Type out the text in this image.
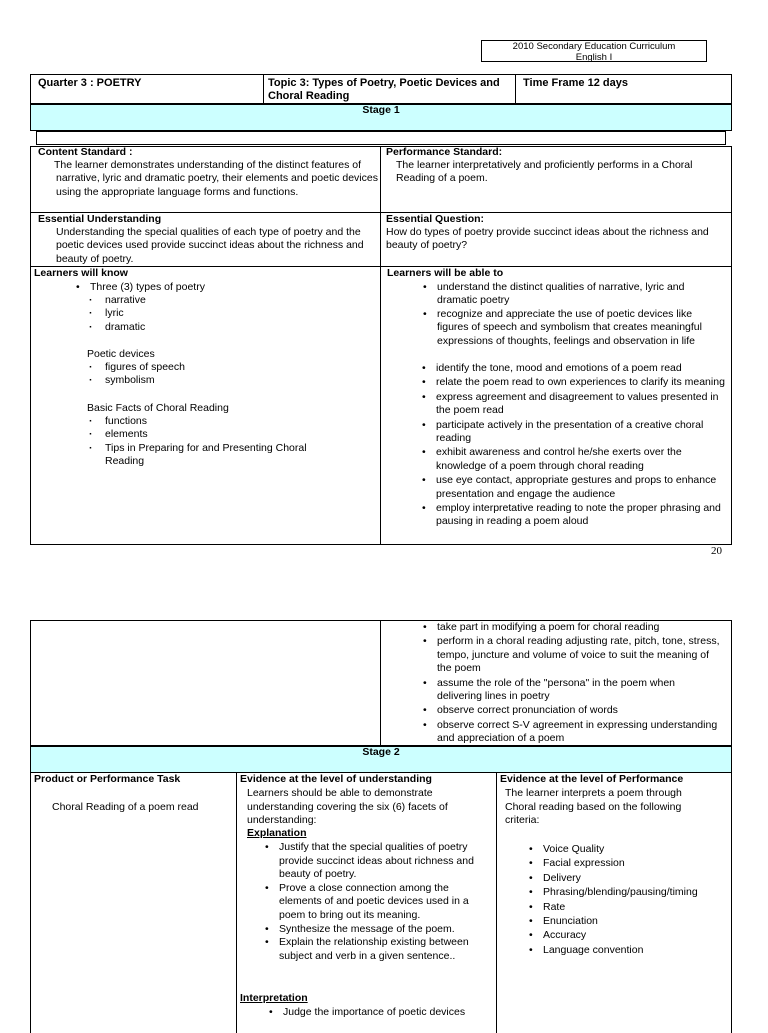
2010 Secondary Education Curriculum
English I
Quarter 3 : POETRY	Topic 3: Types of Poetry, Poetic Devices and Choral Reading
Time Frame 12 days
Stage 1
Content Standard :
The learner demonstrates understanding of the distinct features of narrative, lyric and dramatic poetry, their elements and poetic devices using the appropriate language forms and functions.
Performance Standard:
The learner interpretatively and proficiently performs in a Choral Reading of a poem.
Essential Understanding
Understanding the special qualities of each type of poetry and the poetic devices used provide succinct ideas about the richness and beauty of poetry.
Essential Question:
How do types of poetry provide succinct ideas about the richness and beauty of poetry?
Learners will know
• Three (3) types of poetry
· narrative
· lyric
· dramatic
Poetic devices
· figures of speech
· symbolism
Basic Facts of Choral Reading
· functions
· elements
· Tips in Preparing for and Presenting Choral Reading
Learners will be able to
• understand the distinct qualities of narrative, lyric and dramatic poetry
• recognize and appreciate the use of poetic devices like figures of speech and symbolism that creates meaningful expressions of thoughts, feelings and observation in life
• identify the tone, mood and emotions of a poem read
• relate the poem read to own experiences to clarify its meaning
• express agreement and disagreement to values presented in the poem read
• participate actively in the presentation of a creative choral reading
• exhibit awareness and control he/she exerts over the knowledge of a poem through choral reading
• use eye contact, appropriate gestures and props to enhance presentation and engage the audience
• employ interpretative reading to note the proper phrasing and pausing in reading a poem aloud
20
• take part in modifying a poem for choral reading
• perform in a choral reading adjusting rate, pitch, tone, stress, tempo, juncture and volume of voice to suit the meaning of the poem
• assume the role of the "persona" in the poem when delivering lines in poetry
• observe correct pronunciation of words
• observe correct S-V agreement in expressing understanding and appreciation of a poem
Stage 2
Product or Performance Task
Choral Reading of a poem read
Evidence at the level of understanding
Learners should be able to demonstrate understanding covering the six (6) facets of understanding:
Explanation
• Justify that the special qualities of poetry provide succinct ideas about richness and beauty of poetry.
• Prove a close connection among the elements of and poetic devices used in a poem to bring out its meaning.
• Synthesize the message of the poem.
• Explain the relationship existing between subject and verb in a given sentence..
Interpretation
• Judge the importance of poetic devices
Evidence at the level of Performance
The learner interprets a poem through Choral reading based on the following criteria:
• Voice Quality
• Facial expression
• Delivery
• Phrasing/blending/pausing/timing
• Rate
• Enunciation
• Accuracy
• Language convention
